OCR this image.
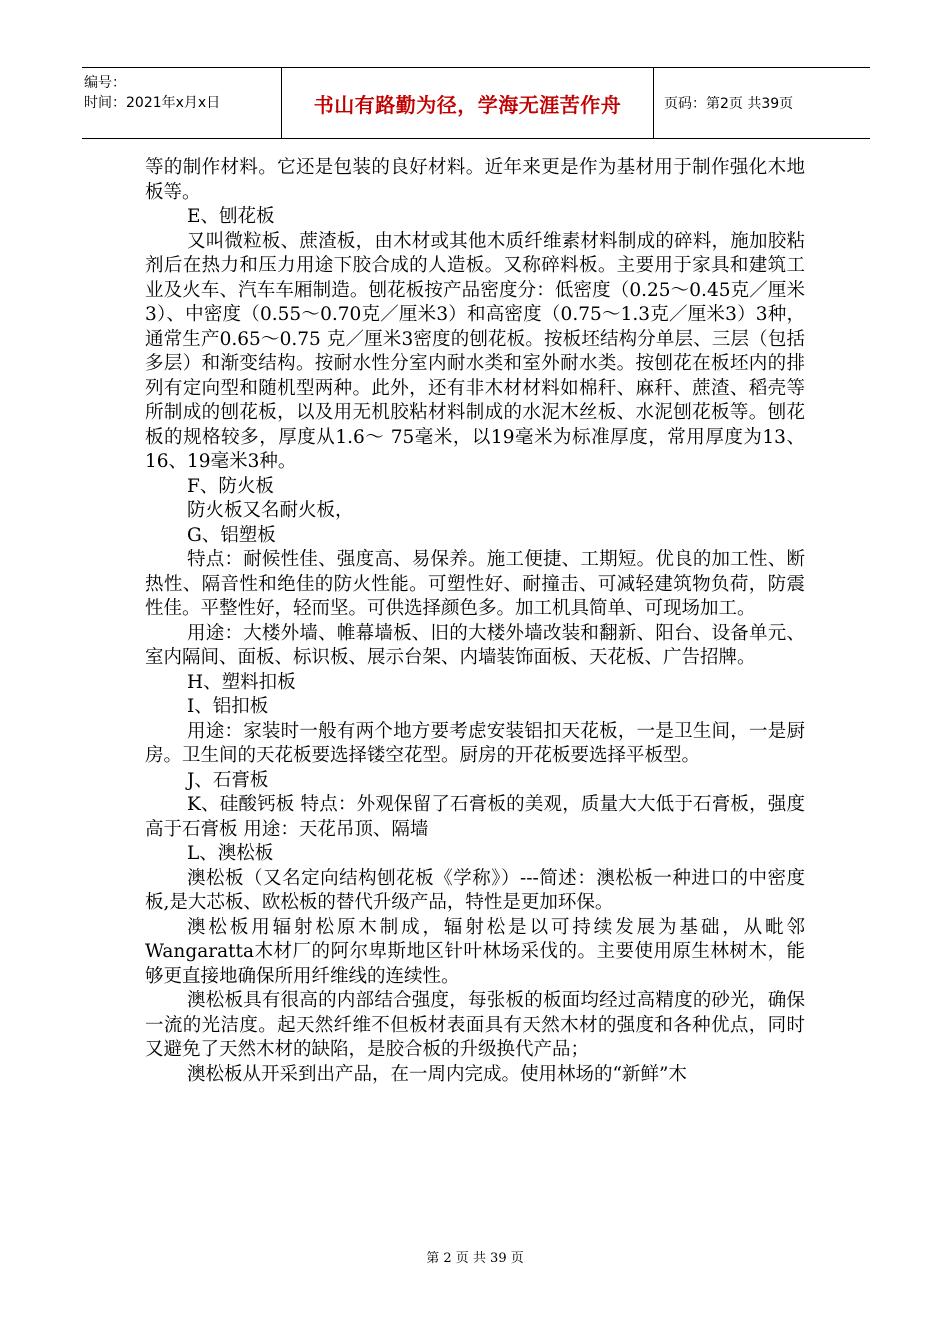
编号：
时间：2021年x月x日	书山有路勤为径，学海无涯苦作舟	页码：第2页 共39页

等的制作材料。它还是包装的良好材料。近年来更是作为基材用于制作强化木地板等。

E、刨花板

又叫微粒板、蔗渣板，由木材或其他木质纤维素材料制成的碎料，施加胶粘剂后在热力和压力用途下胶合成的人造板。又称碎料板。主要用于家具和建筑工业及火车、汽车车厢制造。刨花板按产品密度分：低密度（0.25～0.45克／厘米3）、中密度（0.55～0.70克／厘米3）和高密度（0.75～1.3克／厘米3）3种，通常生产0.65～0.75 克／厘米3密度的刨花板。按板坯结构分单层、三层（包括多层）和渐变结构。按耐水性分室内耐水类和室外耐水类。按刨花在板坯内的排列有定向型和随机型两种。此外，还有非木材材料如棉秆、麻秆、蔗渣、稻壳等所制成的刨花板，以及用无机胶粘材料制成的水泥木丝板、水泥刨花板等。刨花板的规格较多，厚度从1.6～ 75毫米，以19毫米为标准厚度，常用厚度为13、16、19毫米3种。

F、防火板

防火板又名耐火板，

G、铝塑板

特点：耐候性佳、强度高、易保养。施工便捷、工期短。优良的加工性、断热性、隔音性和绝佳的防火性能。可塑性好、耐撞击、可减轻建筑物负荷，防震性佳。平整性好，轻而坚。可供选择颜色多。加工机具简单、可现场加工。

用途：大楼外墙、帷幕墙板、旧的大楼外墙改装和翻新、阳台、设备单元、室内隔间、面板、标识板、展示台架、内墙装饰面板、天花板、广告招牌。

H、塑料扣板

I、铝扣板

用途：家装时一般有两个地方要考虑安装铝扣天花板，一是卫生间，一是厨房。卫生间的天花板要选择镂空花型。厨房的开花板要选择平板型。

J、石膏板

K、硅酸钙板 特点：外观保留了石膏板的美观，质量大大低于石膏板，强度高于石膏板 用途：天花吊顶、隔墙

L、澳松板

澳松板（又名定向结构刨花板《学称》）---简述：澳松板一种进口的中密度板,是大芯板、欧松板的替代升级产品，特性是更加环保。

澳松板用辐射松原木制成，辐射松是以可持续发展为基础，从毗邻Wangaratta木材厂的阿尔卑斯地区针叶林场采伐的。主要使用原生林树木，能够更直接地确保所用纤维线的连续性。

澳松板具有很高的内部结合强度，每张板的板面均经过高精度的砂光，确保一流的光洁度。起天然纤维不但板材表面具有天然木材的强度和各种优点，同时又避免了天然木材的缺陷，是胶合板的升级换代产品；

澳松板从开采到出产品，在一周内完成。使用林场的“新鲜”木

第 2 页 共 39 页
